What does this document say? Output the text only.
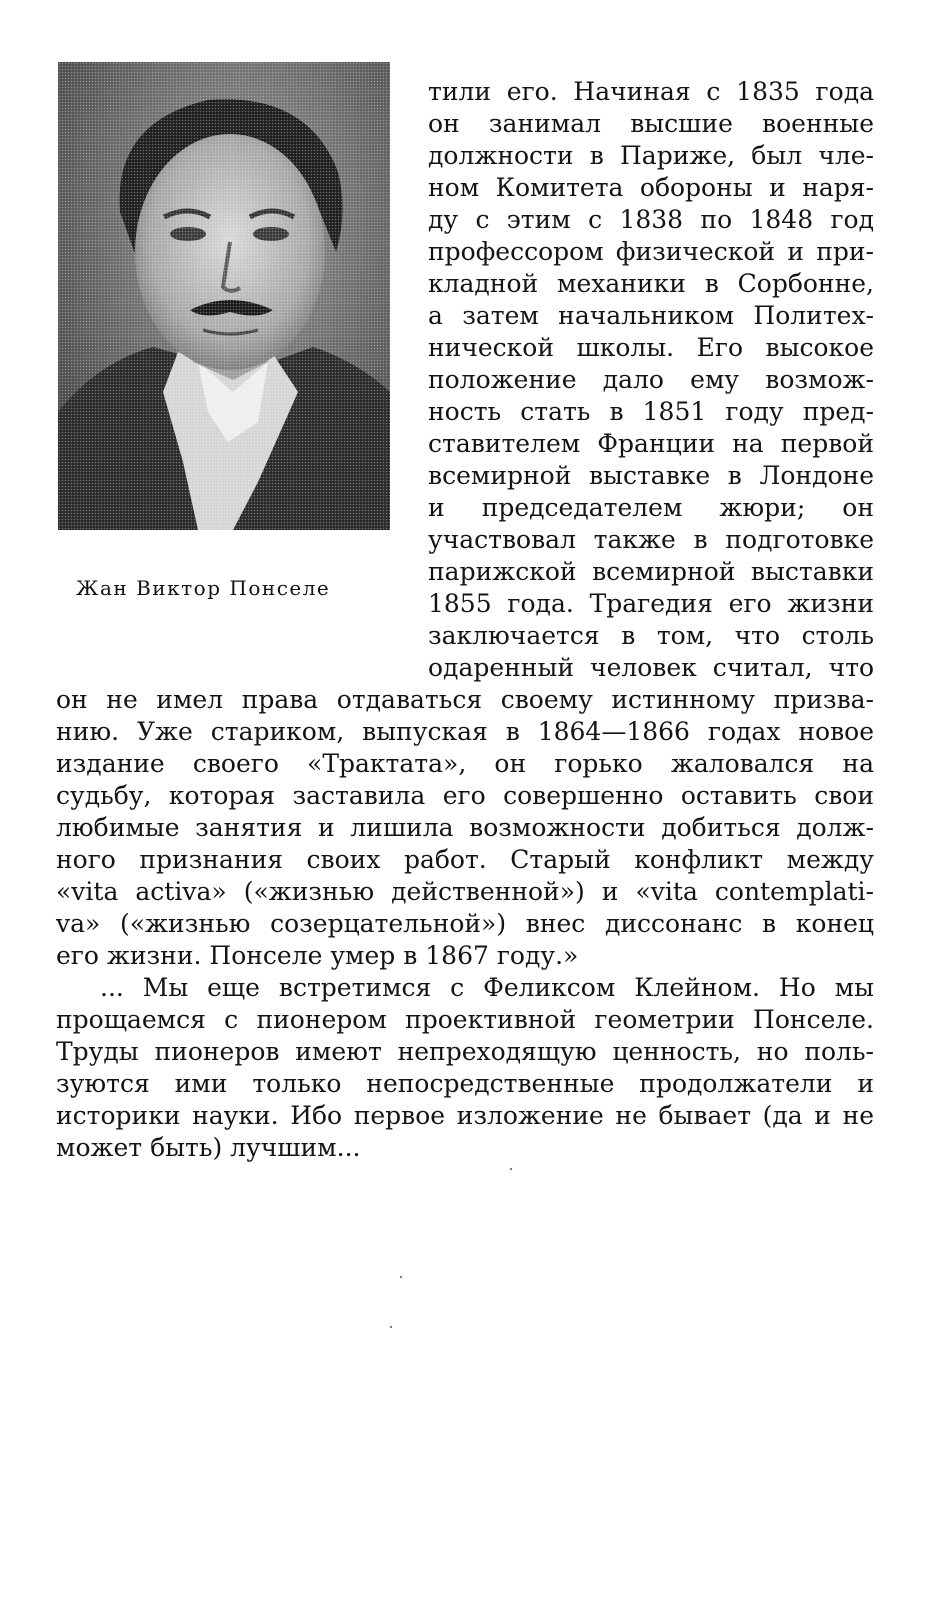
Жан Виктор Понселе
тили его. Начиная с 1835 года
он занимал высшие военные
должности в Париже, был чле-
ном Комитета обороны и наря-
ду с этим с 1838 по 1848 год
профессором физической и при-
кладной механики в Сорбонне,
а затем начальником Политех-
нической школы. Его высокое
положение дало ему возмож-
ность стать в 1851 году пред-
ставителем Франции на первой
всемирной выставке в Лондоне
и председателем жюри; он
участвовал также в подготовке
парижской всемирной выставки
1855 года. Трагедия его жизни
заключается в том, что столь
одаренный человек считал, что
он не имел права отдаваться своему истинному призва-
нию. Уже стариком, выпуская в 1864—1866 годах новое
издание своего «Трактата», он горько жаловался на
судьбу, которая заставила его совершенно оставить свои
любимые занятия и лишила возможности добиться долж-
ного признания своих работ. Старый конфликт между
«vita activa» («жизнью действенной») и «vita contemplati-
va» («жизнью созерцательной») внес диссонанс в конец
его жизни. Понселе умер в 1867 году.»
... Мы еще встретимся с Феликсом Клейном. Но мы
прощаемся с пионером проективной геометрии Понселе.
Труды пионеров имеют непреходящую ценность, но поль-
зуются ими только непосредственные продолжатели и
историки науки. Ибо первое изложение не бывает (да и не
может быть) лучшим...
